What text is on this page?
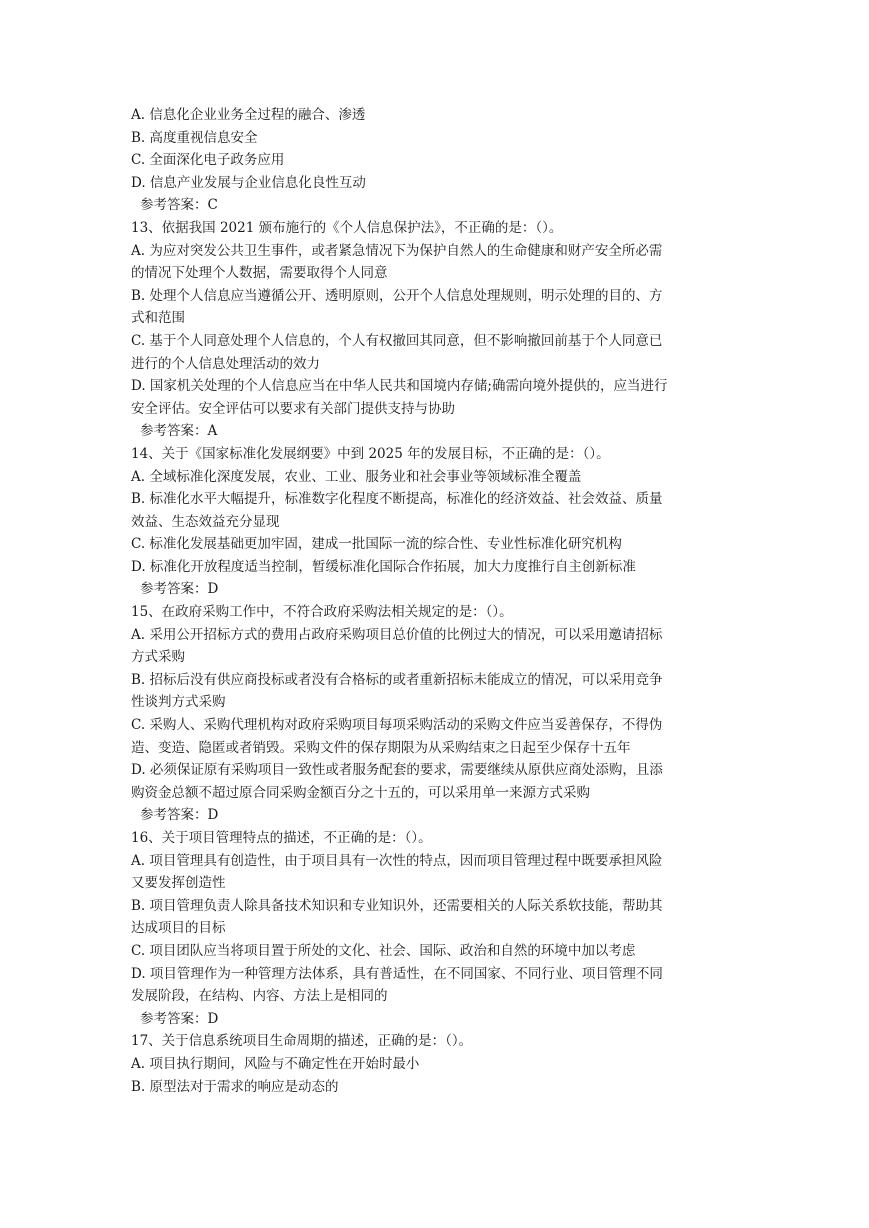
A. 信息化企业业务全过程的融合、渗透
B. 高度重视信息安全
C. 全面深化电子政务应用
D. 信息产业发展与企业信息化良性互动
参考答案：C
13、依据我国 2021 颁布施行的《个人信息保护法》，不正确的是：（）。
A. 为应对突发公共卫生事件，或者紧急情况下为保护自然人的生命健康和财产安全所必需
的情况下处理个人数据，需要取得个人同意
B. 处理个人信息应当遵循公开、透明原则，公开个人信息处理规则，明示处理的目的、方
式和范围
C. 基于个人同意处理个人信息的，个人有权撤回其同意，但不影响撤回前基于个人同意已
进行的个人信息处理活动的效力
D. 国家机关处理的个人信息应当在中华人民共和国境内存储;确需向境外提供的，应当进行
安全评估。安全评估可以要求有关部门提供支持与协助
参考答案：A
14、关于《国家标准化发展纲要》中到 2025 年的发展目标，不正确的是：（）。
A. 全域标准化深度发展，农业、工业、服务业和社会事业等领域标准全覆盖
B. 标准化水平大幅提升，标准数字化程度不断提高，标准化的经济效益、社会效益、质量
效益、生态效益充分显现
C. 标准化发展基础更加牢固，建成一批国际一流的综合性、专业性标准化研究机构
D. 标准化开放程度适当控制，暂缓标准化国际合作拓展，加大力度推行自主创新标准
参考答案：D
15、在政府采购工作中，不符合政府采购法相关规定的是：（）。
A. 采用公开招标方式的费用占政府采购项目总价值的比例过大的情况，可以采用邀请招标
方式采购
B. 招标后没有供应商投标或者没有合格标的或者重新招标未能成立的情况，可以采用竞争
性谈判方式采购
C. 采购人、采购代理机构对政府采购项目每项采购活动的采购文件应当妥善保存，不得伪
造、变造、隐匿或者销毁。采购文件的保存期限为从采购结束之日起至少保存十五年
D. 必须保证原有采购项目一致性或者服务配套的要求，需要继续从原供应商处添购，且添
购资金总额不超过原合同采购金额百分之十五的，可以采用单一来源方式采购
参考答案：D
16、关于项目管理特点的描述，不正确的是：（）。
A. 项目管理具有创造性，由于项目具有一次性的特点，因而项目管理过程中既要承担风险
又要发挥创造性
B. 项目管理负责人除具备技术知识和专业知识外，还需要相关的人际关系软技能，帮助其
达成项目的目标
C. 项目团队应当将项目置于所处的文化、社会、国际、政治和自然的环境中加以考虑
D. 项目管理作为一种管理方法体系，具有普适性，在不同国家、不同行业、项目管理不同
发展阶段，在结构、内容、方法上是相同的
参考答案：D
17、关于信息系统项目生命周期的描述，正确的是：（）。
A. 项目执行期间，风险与不确定性在开始时最小
B. 原型法对于需求的响应是动态的
